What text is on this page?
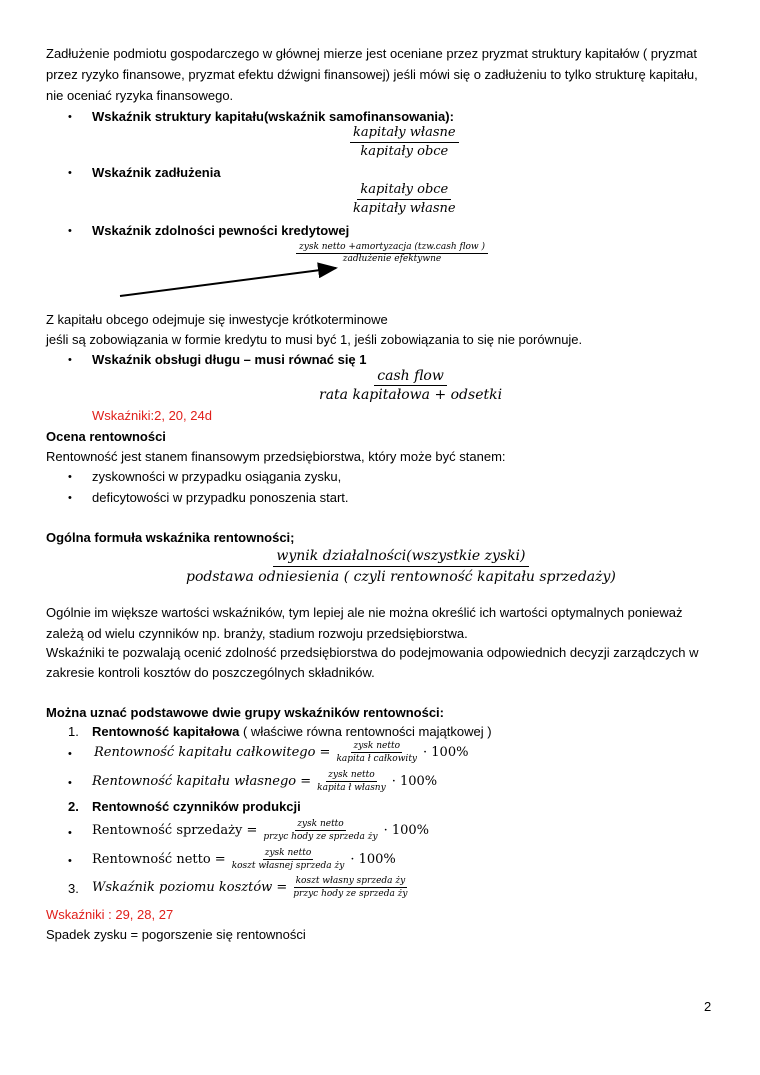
Zadłużenie podmiotu gospodarczego w głównej mierze jest oceniane przez pryzmat struktury kapitałów ( pryzmat
przez ryzyko finansowe, pryzmat efektu dźwigni finansowej) jeśli mówi się o zadłużeniu to tylko strukturę kapitału,
nie oceniać ryzyka finansowego.
• Wskaźnik struktury kapitału(wskaźnik samofinansowania):
kapitały własne
kapitały obce
• Wskaźnik zadłużenia
kapitały obce
kapitały własne
• Wskaźnik zdolności pewności kredytowej
zysk netto +amortyzacja (tzw.cash flow )
zadłużenie efektywne
Z kapitału obcego odejmuje się inwestycje krótkoterminowe
jeśli są zobowiązania w formie kredytu to musi być 1, jeśli zobowiązania to się nie porównuje.
• Wskaźnik obsługi długu – musi równać się 1
cash flow
rata kapitałowa + odsetki
Wskaźniki:2, 20, 24d
Ocena rentowności
Rentowność jest stanem finansowym przedsiębiorstwa, który może być stanem:
• zyskowności w przypadku osiągania zysku,
• deficytowości w przypadku ponoszenia start.
Ogólna formuła wskaźnika rentowności;
wynik działalności(wszystkie zyski)
podstawa odniesienia ( czyli rentowność kapitału sprzedaży)
Ogólnie im większe wartości wskaźników, tym lepiej ale nie można określić ich wartości optymalnych ponieważ
zależą od wielu czynników np. branży, stadium rozwoju przedsiębiorstwa.
Wskaźniki te pozwalają ocenić zdolność przedsiębiorstwa do podejmowania odpowiednich decyzji zarządczych w
zakresie kontroli kosztów do poszczególnych składników.
Można uznać podstawowe dwie grupy wskaźników rentowności:
1. Rentowność kapitałowa ( właściwe równa rentowności majątkowej )
• Rentowność kapitału całkowitego =	zysk netto
kapita ł całkowity · 100%
• Rentowność kapitału własnego = zysk netto
kapita ł własny · 100%
2. Rentowność czynników produkcji
• Rentowność sprzedaży =	zysk netto
przyc hody ze sprzeda ży · 100%
• Rentowność netto =	zysk netto
koszt własnej sprzeda ży · 100%
3. Wskaźnik poziomu kosztów = koszt własny sprzeda ży
przyc hody ze sprzeda ży
Wskaźniki : 29, 28, 27
Spadek zysku = pogorszenie się rentowności
2
